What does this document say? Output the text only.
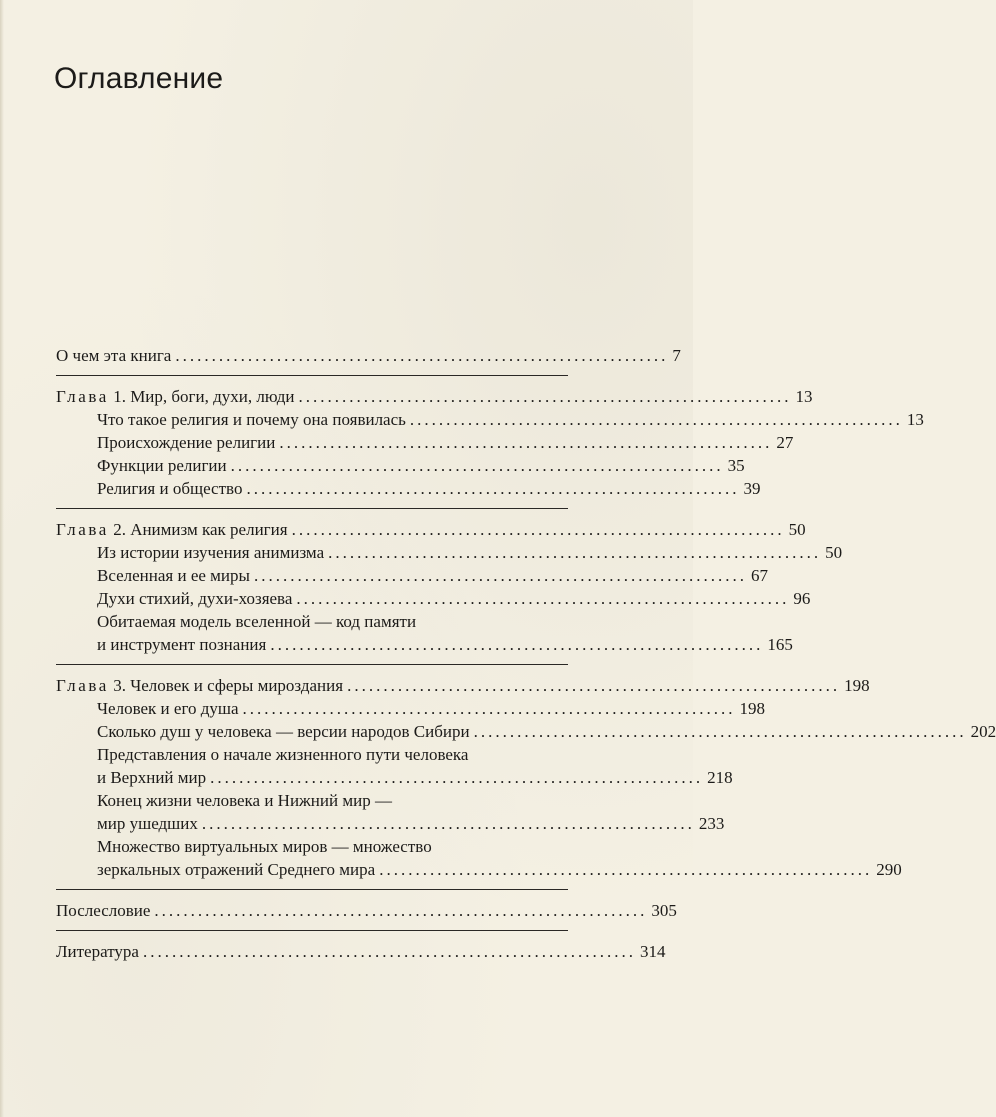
Оглавление
О чем эта книга .................................................................... 7
Глава 1. Мир, боги, духи, люди .................................................................... 13
Что такое религия и почему она появилась .................................................................... 13
Происхождение религии .................................................................... 27
Функции религии .................................................................... 35
Религия и общество .................................................................... 39
Глава 2. Анимизм как религия .................................................................... 50
Из истории изучения анимизма .................................................................... 50
Вселенная и ее миры .................................................................... 67
Духи стихий, духи-хозяева .................................................................... 96
Обитаемая модель вселенной — код памяти
и инструмент познания .................................................................... 165
Глава 3. Человек и сферы мироздания .................................................................... 198
Человек и его душа .................................................................... 198
Сколько душ у человека — версии народов Сибири .................................................................... 202
Представления о начале жизненного пути человека
и Верхний мир .................................................................... 218
Конец жизни человека и Нижний мир —
мир ушедших .................................................................... 233
Множество виртуальных миров — множество
зеркальных отражений Среднего мира .................................................................... 290
Послесловие .................................................................... 305
Литература .................................................................... 314
